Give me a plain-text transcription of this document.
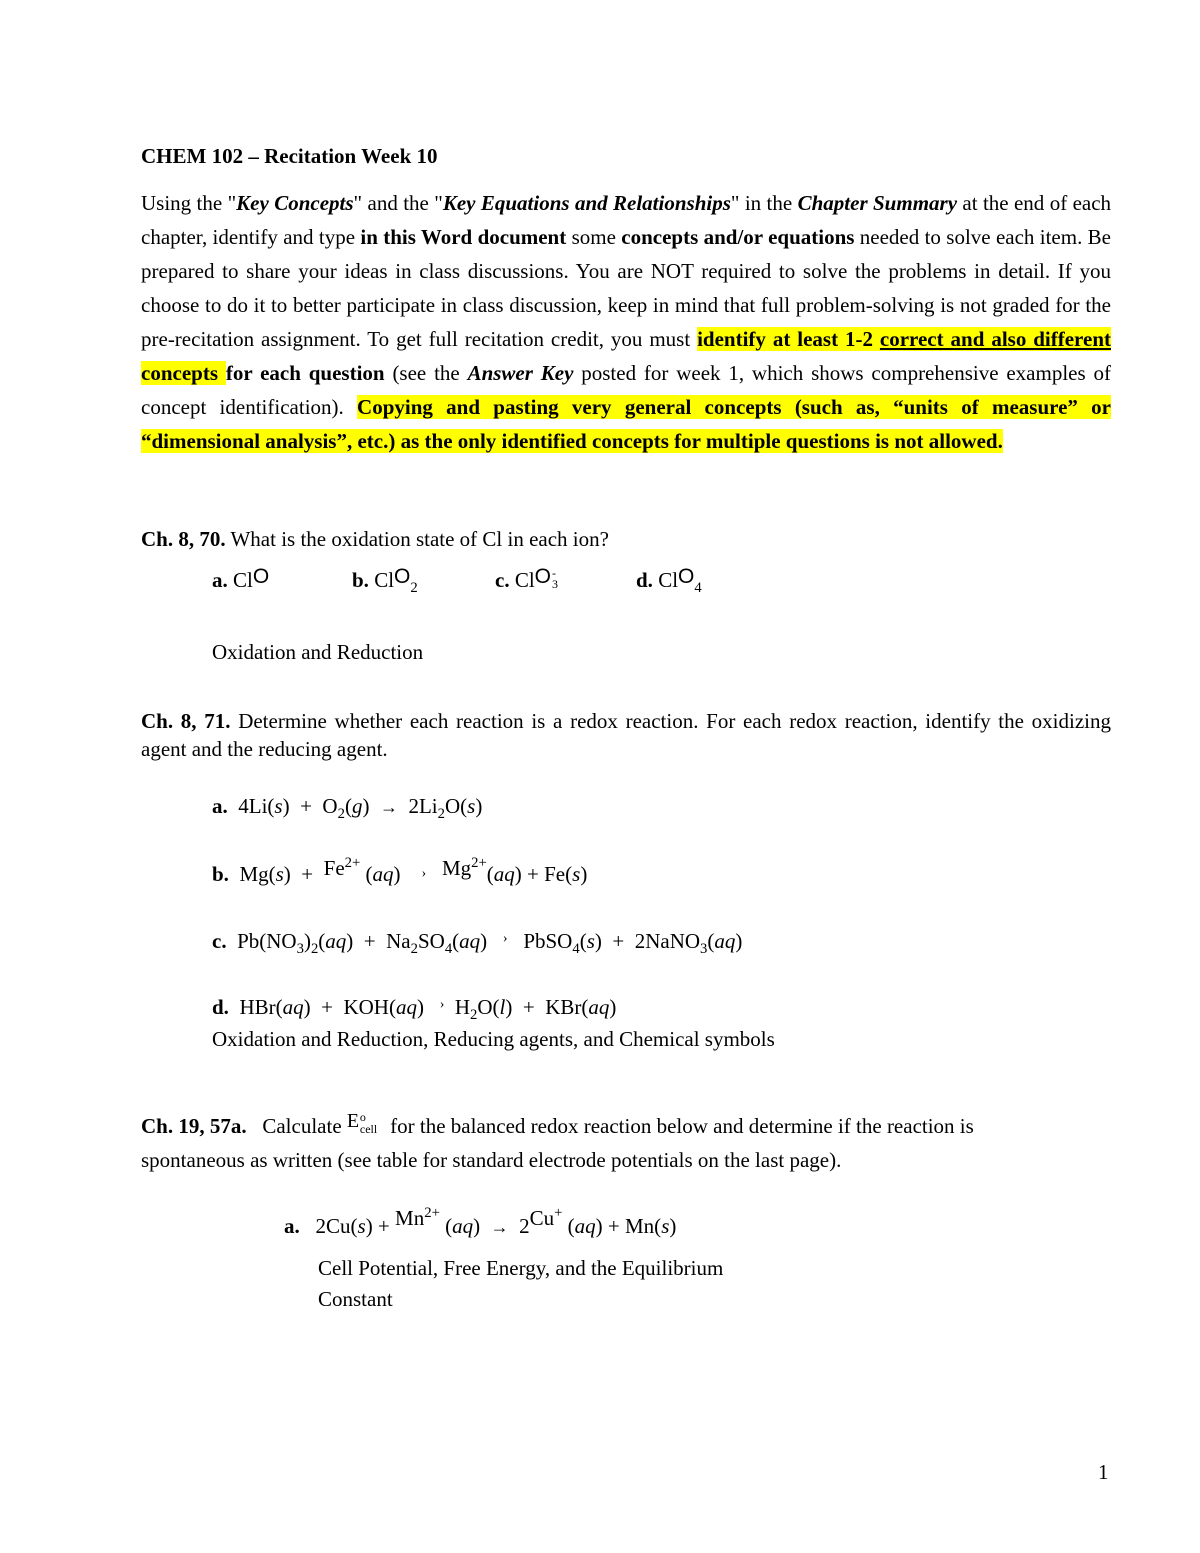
CHEM 102 – Recitation Week 10
Using the "Key Concepts" and the "Key Equations and Relationships" in the Chapter Summary at the end of each chapter, identify and type in this Word document some concepts and/or equations needed to solve each item. Be prepared to share your ideas in class discussions. You are NOT required to solve the problems in detail. If you choose to do it to better participate in class discussion, keep in mind that full problem-solving is not graded for the pre-recitation assignment. To get full recitation credit, you must identify at least 1-2 correct and also different concepts for each question (see the Answer Key posted for week 1, which shows comprehensive examples of concept identification). Copying and pasting very general concepts (such as, “units of measure” or “dimensional analysis”, etc.) as the only identified concepts for multiple questions is not allowed.
Ch. 8, 70. What is the oxidation state of Cl in each ion?
a. ClO	b. ClO$_2$	c. ClO -
3	d. ClO$_4$
Oxidation and Reduction
Ch. 8, 71. Determine whether each reaction is a redox reaction. For each redox reaction, identify the oxidizing agent and the reducing agent.
a.  $4Li(s) + O_2(g) \to 2Li_2O(s)$
b.  $Mg(s) + Fe^{2+}$ (aq)    › $Mg^{2+}(aq) + Fe(s)$
c.  $Pb(NO_3)_2(aq) + Na_2SO_4(aq)$   ›   PbSO$_4$(s)  +  2NaNO$_3$(aq)
d.  HBr(aq)  +  KOH(aq)   ›  $H_2O(l) + KBr(aq)$
Oxidation and Reduction, Reducing agents, and Chemical symbols
Ch. 19, 57a. Calculate E o
cell for the balanced redox reaction below and determine if the reaction is
spontaneous as written (see table for standard electrode potentials on the last page).
a.   $2Cu(s) + Mn^{2+}$ (aq)  →  2Cu+ (aq) + Mn(s)
Cell Potential, Free Energy, and the Equilibrium
Constant
1
